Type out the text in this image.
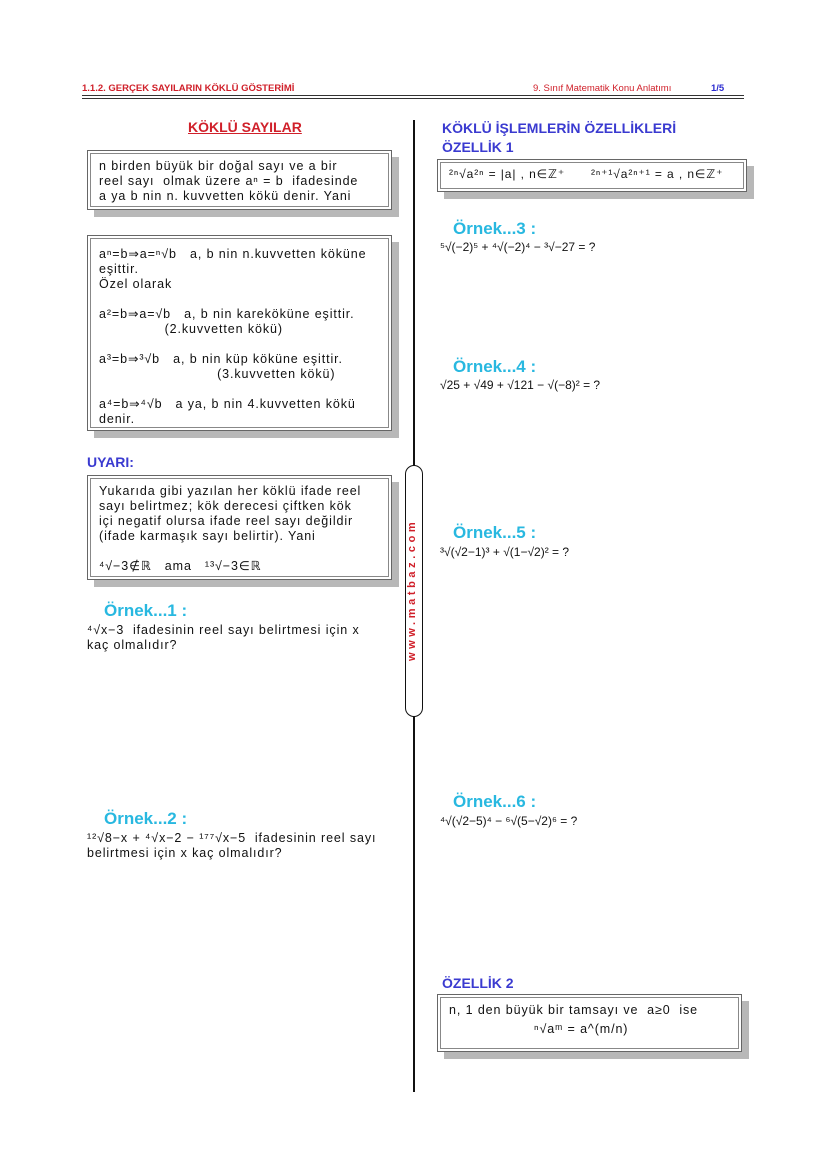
1.1.2. GERÇEK SAYILARIN KÖKLÜ GÖSTERİMİ	9. Sınıf Matematik Konu Anlatımı	1/5
KÖKLÜ SAYILAR
n birden büyük bir doğal sayı ve a bir
reel sayı  olmak üzere aⁿ = b  ifadesinde
a ya b nin n. kuvvetten kökü denir. Yani
aⁿ=b⇒a=ⁿ√b   a, b nin n.kuvvetten köküne
eşittir.
Özel olarak
a²=b⇒a=√b   a, b nin kareköküne eşittir.
(2.kuvvetten kökü)
a³=b⇒³√b   a, b nin küp köküne eşittir.
(3.kuvvetten kökü)
a⁴=b⇒⁴√b   a ya, b nin 4.kuvvetten kökü
denir.
UYARI:
Yukarıda gibi yazılan her köklü ifade reel
sayı belirtmez; kök derecesi çiftken kök
içi negatif olursa ifade reel sayı değildir
(ifade karmaşık sayı belirtir). Yani
⁴√−3∉ℝ   ama   ¹³√−3∈ℝ
Örnek...1 :
⁴√x−3  ifadesinin reel sayı belirtmesi için x
kaç olmalıdır?
Örnek...2 :
¹²√8−x + ⁴√x−2 − ¹⁷⁷√x−5  ifadesinin reel sayı
belirtmesi için x kaç olmalıdır?
www.matbaz.com
KÖKLÜ İŞLEMLERİN ÖZELLİKLERİ
ÖZELLİK 1
²ⁿ√a²ⁿ = |a| , n∈ℤ⁺ ²ⁿ⁺¹√a²ⁿ⁺¹ = a , n∈ℤ⁺
Örnek...3 :
⁵√(−2)⁵ + ⁴√(−2)⁴ − ³√−27 = ?
Örnek...4 :
√25 + √49 + √121 − √(−8)² = ?
Örnek...5 :
³√(√2−1)³ + √(1−√2)² = ?
Örnek...6 :
⁴√(√2−5)⁴ − ⁶√(5−√2)⁶ = ?
ÖZELLİK 2
n, 1 den büyük bir tamsayı ve  a≥0  ise
ⁿ√aᵐ = a^(m/n)
